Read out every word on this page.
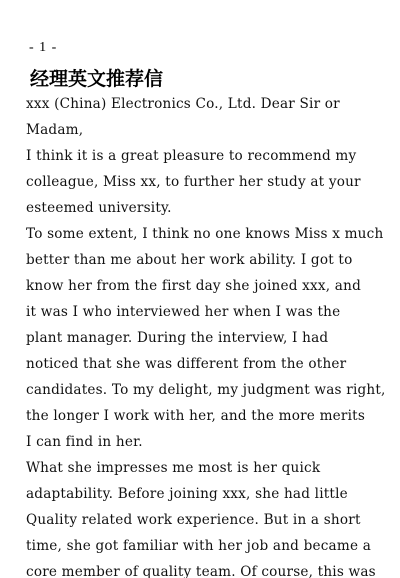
- 1 -
经理英文推荐信
xxx (China) Electronics Co., Ltd. Dear Sir or
Madam,
I think it is a great pleasure to recommend my
colleague, Miss xx, to further her study at your
esteemed university.
To some extent, I think no one knows Miss x much
better than me about her work ability. I got to
know her from the first day she joined xxx, and
it was I who interviewed her when I was the
plant manager. During the interview, I had
noticed that she was different from the other
candidates. To my delight, my judgment was right,
the longer I work with her, and the more merits
I can find in her.
What she impresses me most is her quick
adaptability. Before joining xxx, she had little
Quality related work experience. But in a short
time, she got familiar with her job and became a
core member of quality team. Of course, this was
